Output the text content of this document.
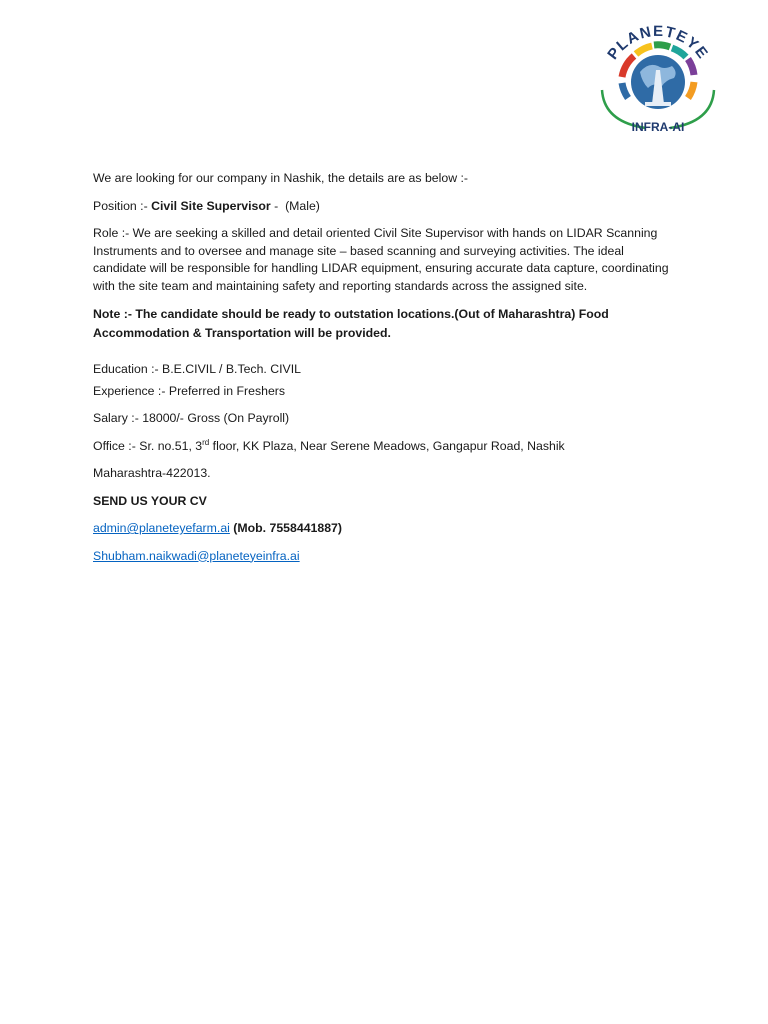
PLANETEYE
INFRA-AI

We are looking for our company in Nashik, the details are as below :-

Position :- Civil Site Supervisor -  (Male)

Role :- We are seeking a skilled and detail oriented Civil Site Supervisor with hands on LIDAR Scanning Instruments and to oversee and manage site – based scanning and surveying activities. The ideal candidate will be responsible for handling LIDAR equipment, ensuring accurate data capture, coordinating with the site team and maintaining safety and reporting standards across the assigned site.

Note :- The candidate should be ready to outstation locations.(Out of Maharashtra) Food Accommodation & Transportation will be provided.

Education :- B.E.CIVIL / B.Tech. CIVIL

Experience :- Preferred in Freshers

Salary :- 18000/- Gross (On Payroll)

Office :- Sr. no.51, 3rd floor, KK Plaza, Near Serene Meadows, Gangapur Road, Nashik

Maharashtra-422013.

SEND US YOUR CV

admin@planeteyefarm.ai (Mob. 7558441887)

Shubham.naikwadi@planeteyeinfra.ai
